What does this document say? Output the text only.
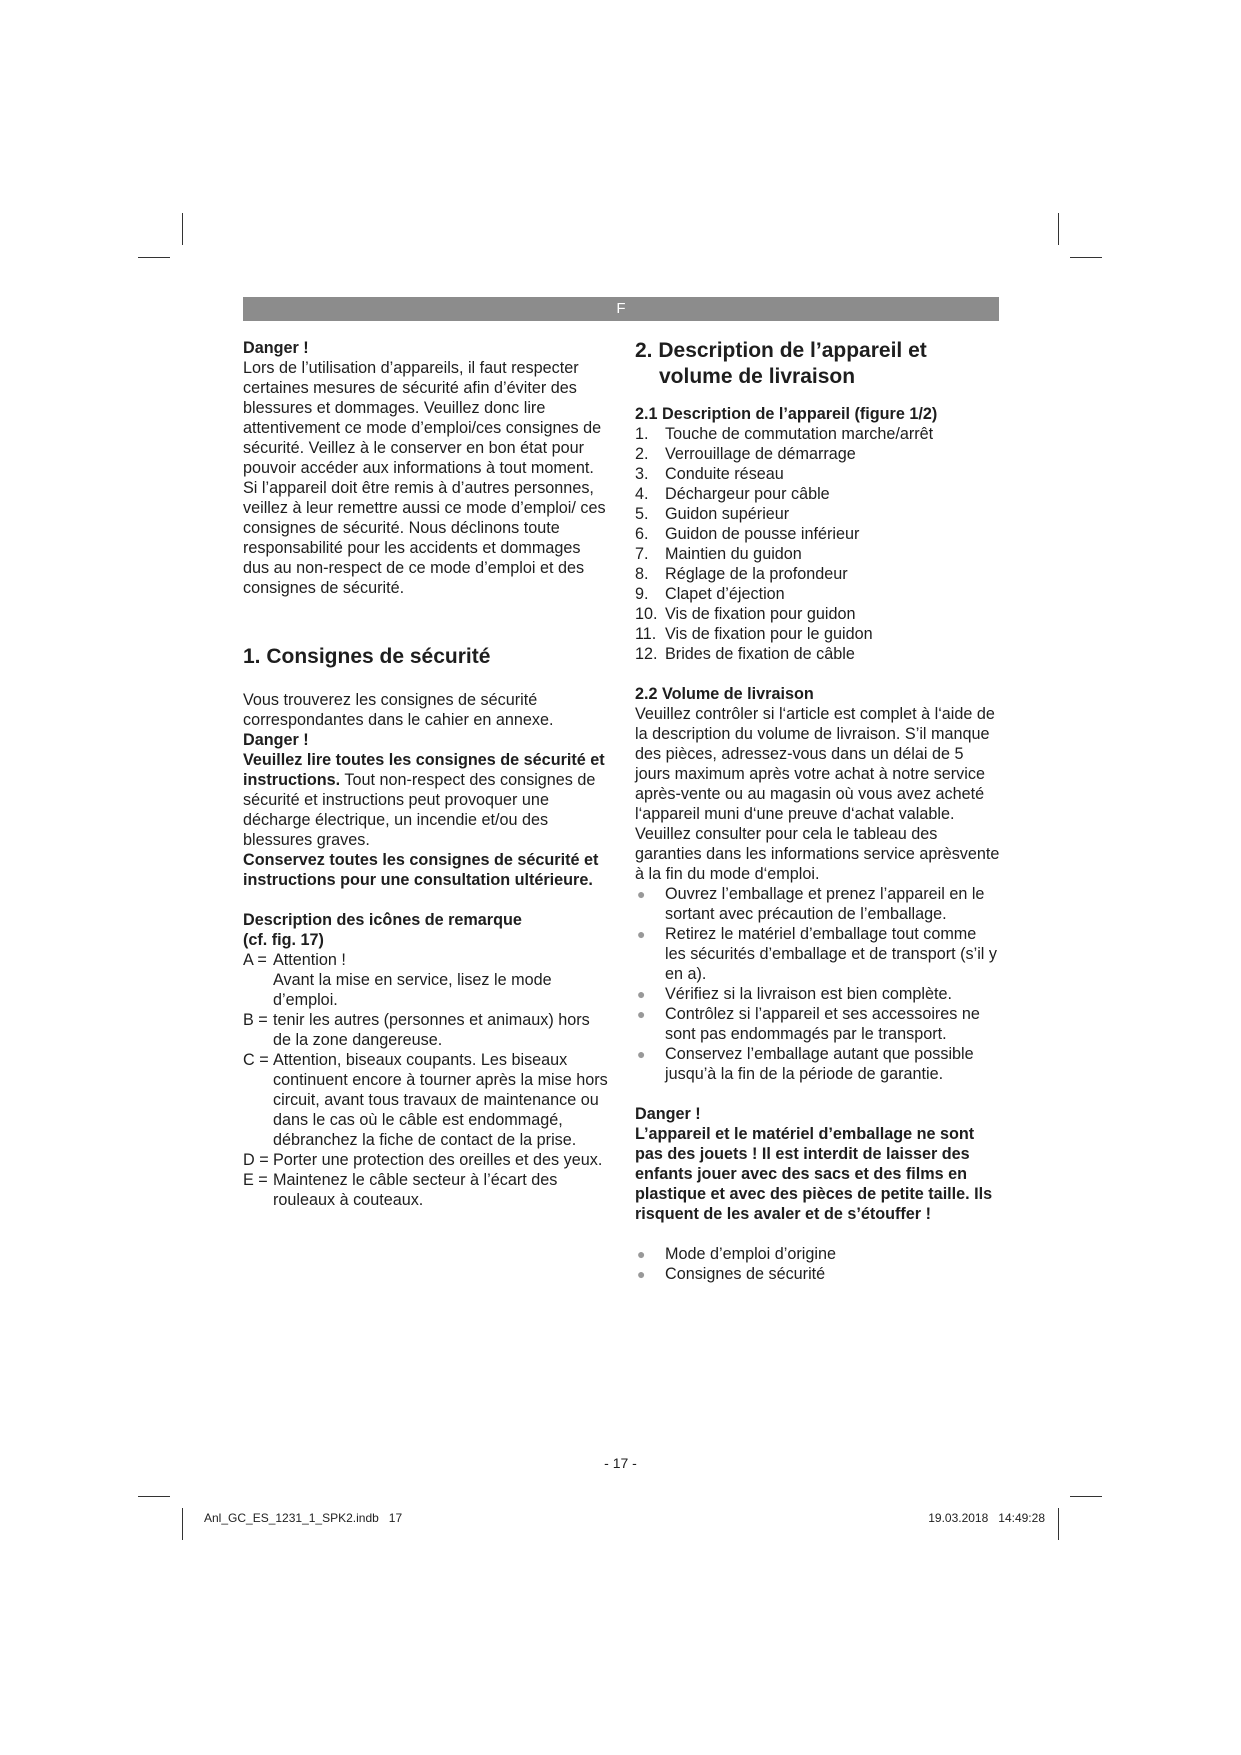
F

Danger !

Lors de l’utilisation d’appareils, il faut respecter certaines mesures de sécurité afin d’éviter des blessures et dommages. Veuillez donc lire attentivement ce mode d’emploi/ces consignes de sécurité. Veillez à le conserver en bon état pour pouvoir accéder aux informations à tout moment. Si l’appareil doit être remis à d’autres personnes, veillez à leur remettre aussi ce mode d’emploi/ ces consignes de sécurité. Nous déclinons toute responsabilité pour les accidents et dommages dus au non-respect de ce mode d’emploi et des consignes de sécurité.

1. Consignes de sécurité

Vous trouverez les consignes de sécurité correspondantes dans le cahier en annexe.

Danger !

Veuillez lire toutes les consignes de sécurité et instructions. Tout non-respect des consignes de sécurité et instructions peut provoquer une décharge électrique, un incendie et/ou des blessures graves.

Conservez toutes les consignes de sécurité et instructions pour une consultation ultérieure.

Description des icônes de remarque

(cf. fig. 17)

A = Attention !
Avant la mise en service, lisez le mode d’emploi.
B = tenir les autres (personnes et animaux) hors de la zone dangereuse.
C = Attention, biseaux coupants. Les biseaux continuent encore à tourner après la mise hors circuit, avant tous travaux de maintenance ou dans le cas où le câble est endommagé, débranchez la fiche de contact de la prise.
D = Porter une protection des oreilles et des yeux.
E = Maintenez le câble secteur à l’écart des rouleaux à couteaux.
2. Description de l’appareil et volume de livraison

2.1 Description de l’appareil (figure 1/2)

1.	Touche de commutation marche/arrêt
2.	Verrouillage de démarrage
3.	Conduite réseau
4.	Déchargeur pour câble
5.	Guidon supérieur
6.	Guidon de pousse inférieur
7.	Maintien du guidon
8.	Réglage de la profondeur
9.	Clapet d’éjection
10. Vis de fixation pour guidon
11. Vis de fixation pour le guidon
12. Brides de fixation de câble

2.2 Volume de livraison

Veuillez contrôler si l‘article est complet à l‘aide de la description du volume de livraison. S’il manque des pièces, adressez-vous dans un délai de 5 jours maximum après votre achat à notre service après-vente ou au magasin où vous avez acheté l‘appareil muni d‘une preuve d‘achat valable. Veuillez consulter pour cela le tableau des garanties dans les informations service aprèsvente à la fin du mode d‘emploi.

●	Ouvrez l’emballage et prenez l’appareil en le sortant avec précaution de l’emballage.
●	Retirez le matériel d’emballage tout comme les sécurités d’emballage et de transport (s’il y en a).
●	Vérifiez si la livraison est bien complète.
●	Contrôlez si l’appareil et ses accessoires ne sont pas endommagés par le transport.
●	Conservez l’emballage autant que possible jusqu’à la fin de la période de garantie.

Danger !

L’appareil et le matériel d’emballage ne sont pas des jouets ! Il est interdit de laisser des enfants jouer avec des sacs et des films en plastique et avec des pièces de petite taille. Ils risquent de les avaler et de s’étouffer !

●	Mode d’emploi d’origine
●	Consignes de sécurité
- 17 -
Anl_GC_ES_1231_1_SPK2.indb   17	19.03.2018   14:49:28
